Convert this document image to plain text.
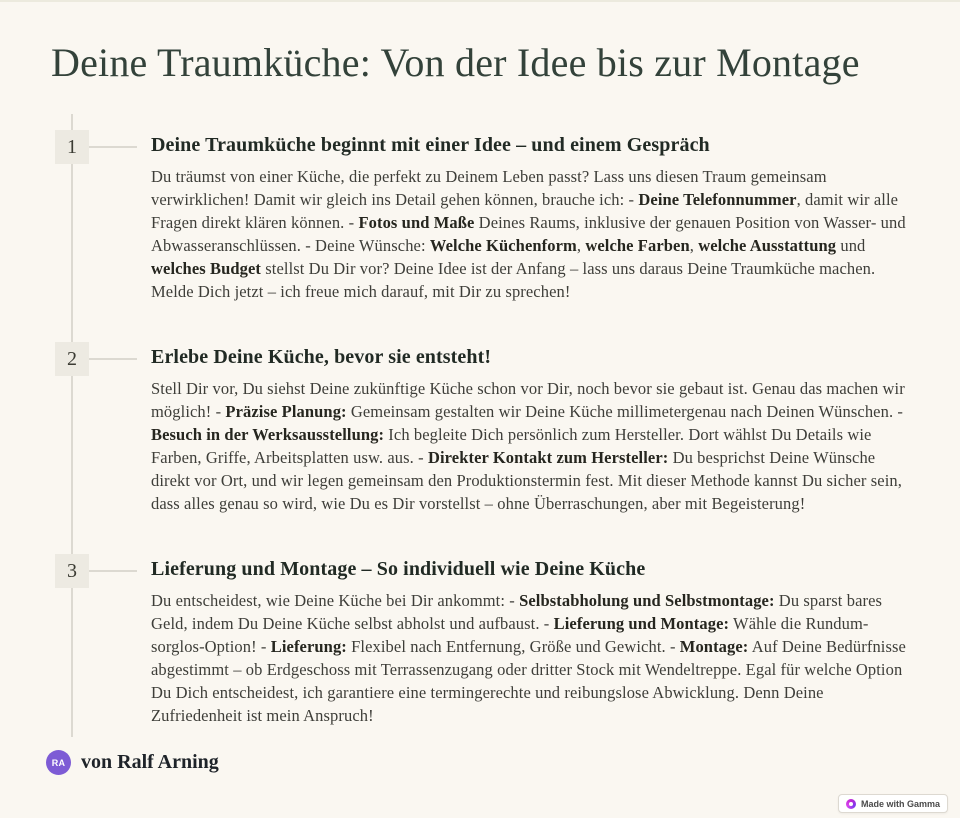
Deine Traumküche: Von der Idee bis zur Montage
1	Deine Traumküche beginnt mit einer Idee – und einem Gespräch

Du träumst von einer Küche, die perfekt zu Deinem Leben passt? Lass uns diesen Traum gemeinsam verwirklichen! Damit wir gleich ins Detail gehen können, brauche ich: - Deine Telefonnummer, damit wir alle Fragen direkt klären können. - Fotos und Maße Deines Raums, inklusive der genauen Position von Wasser- und Abwasseranschlüssen. - Deine Wünsche: Welche Küchenform, welche Farben, welche Ausstattung und welches Budget stellst Du Dir vor? Deine Idee ist der Anfang – lass uns daraus Deine Traumküche machen. Melde Dich jetzt – ich freue mich darauf, mit Dir zu sprechen!

2	Erlebe Deine Küche, bevor sie entsteht!

Stell Dir vor, Du siehst Deine zukünftige Küche schon vor Dir, noch bevor sie gebaut ist. Genau das machen wir möglich! - Präzise Planung: Gemeinsam gestalten wir Deine Küche millimetergenau nach Deinen Wünschen. - Besuch in der Werksausstellung: Ich begleite Dich persönlich zum Hersteller. Dort wählst Du Details wie Farben, Griffe, Arbeitsplatten usw. aus. - Direkter Kontakt zum Hersteller: Du besprichst Deine Wünsche direkt vor Ort, und wir legen gemeinsam den Produktionstermin fest. Mit dieser Methode kannst Du sicher sein, dass alles genau so wird, wie Du es Dir vorstellst – ohne Überraschungen, aber mit Begeisterung!

3	Lieferung und Montage – So individuell wie Deine Küche

Du entscheidest, wie Deine Küche bei Dir ankommt: - Selbstabholung und Selbstmontage: Du sparst bares Geld, indem Du Deine Küche selbst abholst und aufbaust. - Lieferung und Montage: Wähle die Rundum-sorglos-Option! - Lieferung: Flexibel nach Entfernung, Größe und Gewicht. - Montage: Auf Deine Bedürfnisse abgestimmt – ob Erdgeschoss mit Terrassenzugang oder dritter Stock mit Wendeltreppe. Egal für welche Option Du Dich entscheidest, ich garantiere eine termingerechte und reibungslose Abwicklung. Denn Deine Zufriedenheit ist mein Anspruch!

RA von Ralf Arning
Made with Gamma
